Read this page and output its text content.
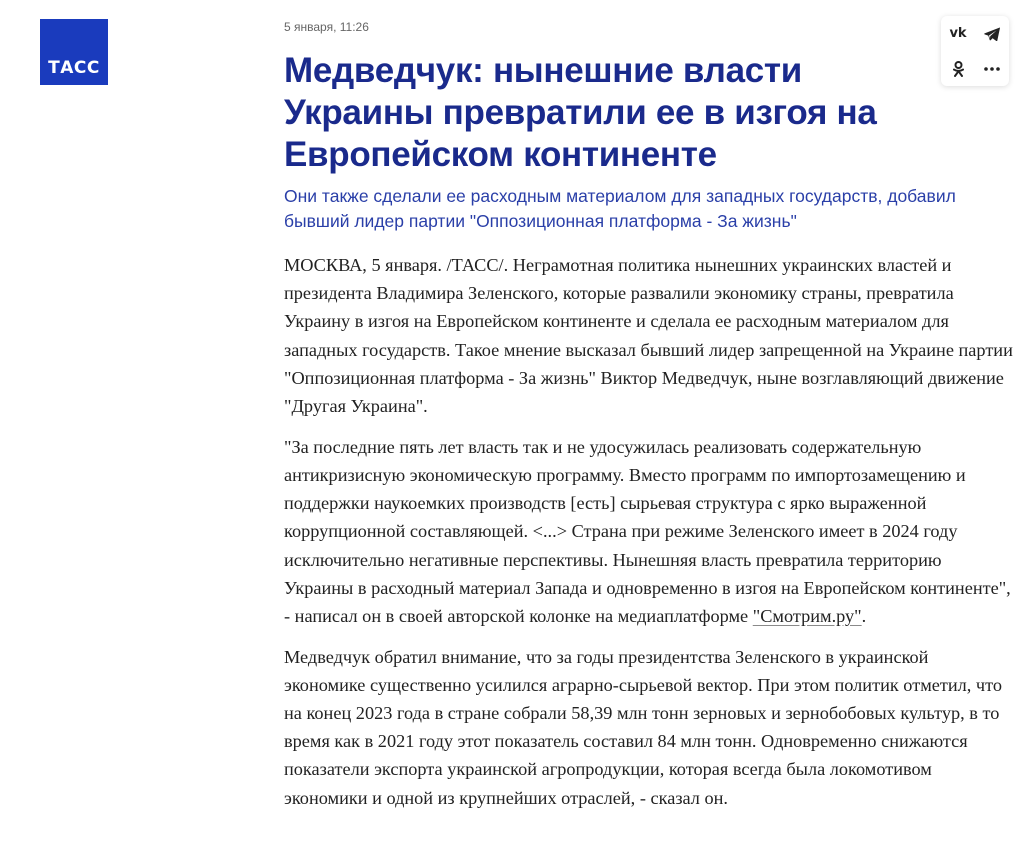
ТАСС
vk
5 января, 11:26
Медведчук: нынешние власти Украины превратили ее в изгоя на Европейском континенте

Они также сделали ее расходным материалом для западных государств, добавил бывший лидер партии "Оппозиционная платформа - За жизнь"

МОСКВА, 5 января. /ТАСС/. Неграмотная политика нынешних украинских властей и президента Владимира Зеленского, которые развалили экономику страны, превратила Украину в изгоя на Европейском континенте и сделала ее расходным материалом для западных государств. Такое мнение высказал бывший лидер запрещенной на Украине партии "Оппозиционная платформа - За жизнь" Виктор Медведчук, ныне возглавляющий движение "Другая Украина".

"За последние пять лет власть так и не удосужилась реализовать содержательную антикризисную экономическую программу. Вместо программ по импортозамещению и поддержки наукоемких производств [есть] сырьевая структура с ярко выраженной коррупционной составляющей. <...> Страна при режиме Зеленского имеет в 2024 году исключительно негативные перспективы. Нынешняя власть превратила территорию Украины в расходный материал Запада и одновременно в изгоя на Европейском континенте", - написал он в своей авторской колонке на медиаплатформе "Смотрим.ру".

Медведчук обратил внимание, что за годы президентства Зеленского в украинской экономике существенно усилился аграрно-сырьевой вектор. При этом политик отметил, что на конец 2023 года в стране собрали 58,39 млн тонн зерновых и зернобобовых культур, в то время как в 2021 году этот показатель составил 84 млн тонн. Одновременно снижаются показатели экспорта украинской агропродукции, которая всегда была локомотивом экономики и одной из крупнейших отраслей, - сказал он.
